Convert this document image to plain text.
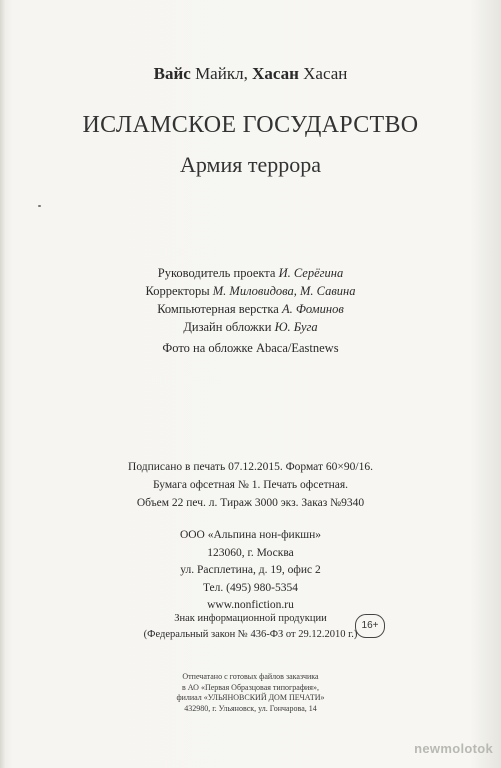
Вайс Майкл, Хасан Хасан
ИСЛАМСКОЕ ГОСУДАРСТВО
Армия террора
Руководитель проекта И. Серёгина
Корректоры М. Миловидова, М. Савина
Компьютерная верстка А. Фоминов
Дизайн обложки Ю. Буга
Фото на обложке Abaca/Eastnews
Подписано в печать 07.12.2015. Формат 60×90/16.
Бумага офсетная № 1. Печать офсетная.
Объем 22 печ. л. Тираж 3000 экз. Заказ №9340
ООО «Альпина нон-фикшн»
123060, г. Москва
ул. Расплетина, д. 19, офис 2
Тел. (495) 980-5354
www.nonfiction.ru
Знак информационной продукции
(Федеральный закон № 436-ФЗ от 29.12.2010 г.)
16+
Отпечатано с готовых файлов заказчика
в АО «Первая Образцовая типография»,
филиал «УЛЬЯНОВСКИЙ ДОМ ПЕЧАТИ»
432980, г. Ульяновск, ул. Гончарова, 14
newmolotok
